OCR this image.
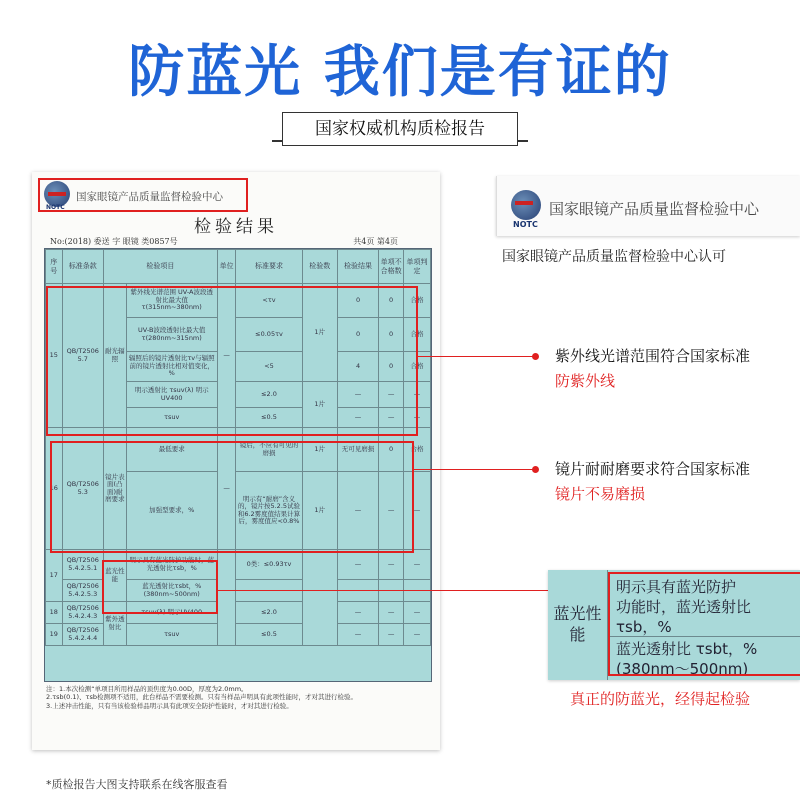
防蓝光 我们是有证的
国家权威机构质检报告
NOTC
国家眼镜产品质量监督检验中心
检验结果
No:(2018) 委送 字 眼镜 类0857号	共4页 第4页
序号	标准条款	检验项目		单位	标准要求	检验数	检验结果	单项不合格数	单项判定
15	QB/T2506 5.7	耐光辐照	紫外线光谱范围 UV-A波段透射比最大值τ(315nm~380nm)	—	<τv	1片	0	0	合格
			UV-B波段透射比最大值τ(280nm~315nm)		≤0.05τv		0	0	合格
			辐照后的镜片透射比τv与辐照前的镜片透射比相对值变化，%		<5		4	0	合格
			明示透射比 τsuv(λ) 明示UV400		≤2.0	1片	—	—	—
			τsuv		≤0.5		—	—	—
16	QB/T2506 5.3	镜片表面(凸面)耐磨要求	最低要求	—	镜后，不应有可见的磨损	1片	无可见磨损	0	合格
			加强型要求，%		明示有“耐磨”含义的，镜片按5.2.5试验和6.2雾度值结果计算后，雾度值应<0.8%	1片	—	—	—
17	QB/T2506 5.4.2.5.1	蓝光性能	明示具有蓝光防护功能时，蓝光透射比τsb，%		0类：≤0.93τv		—	—	—
	QB/T2506 5.4.2.5.3		蓝光透射比τsbt，%(380nm~500nm)				
18	QB/T2506 5.4.2.4.3	紫外透射比	τsuv(λ) 明示UV400		≤2.0		—	—	—
19	QB/T2506 5.4.2.4.4		τsuv		≤0.5		—	—	—
注：1.本次检测“单项目所用样品的顶焦度为0.00D，厚度为2.0mm。
2.τsb(0.1)、τsb检测项不适用，此台样品不需要检测。只有当样品声明具有此项性能时，才对其进行检验。
3.上述冲击性能，只有当该检验样品明示具有此项安全防护性能时，才对其进行检验。
NOTC
国家眼镜产品质量监督检验中心
国家眼镜产品质量监督检验中心认可
紫外线光谱范围符合国家标准
防紫外线
镜片耐耐磨要求符合国家标准
镜片不易磨损
蓝光性能
明示具有蓝光防护
功能时，蓝光透射比
τsb，%
蓝光透射比 τsbt，%
(380nm～500nm)
真正的防蓝光，经得起检验
*质检报告大图支持联系在线客服查看
